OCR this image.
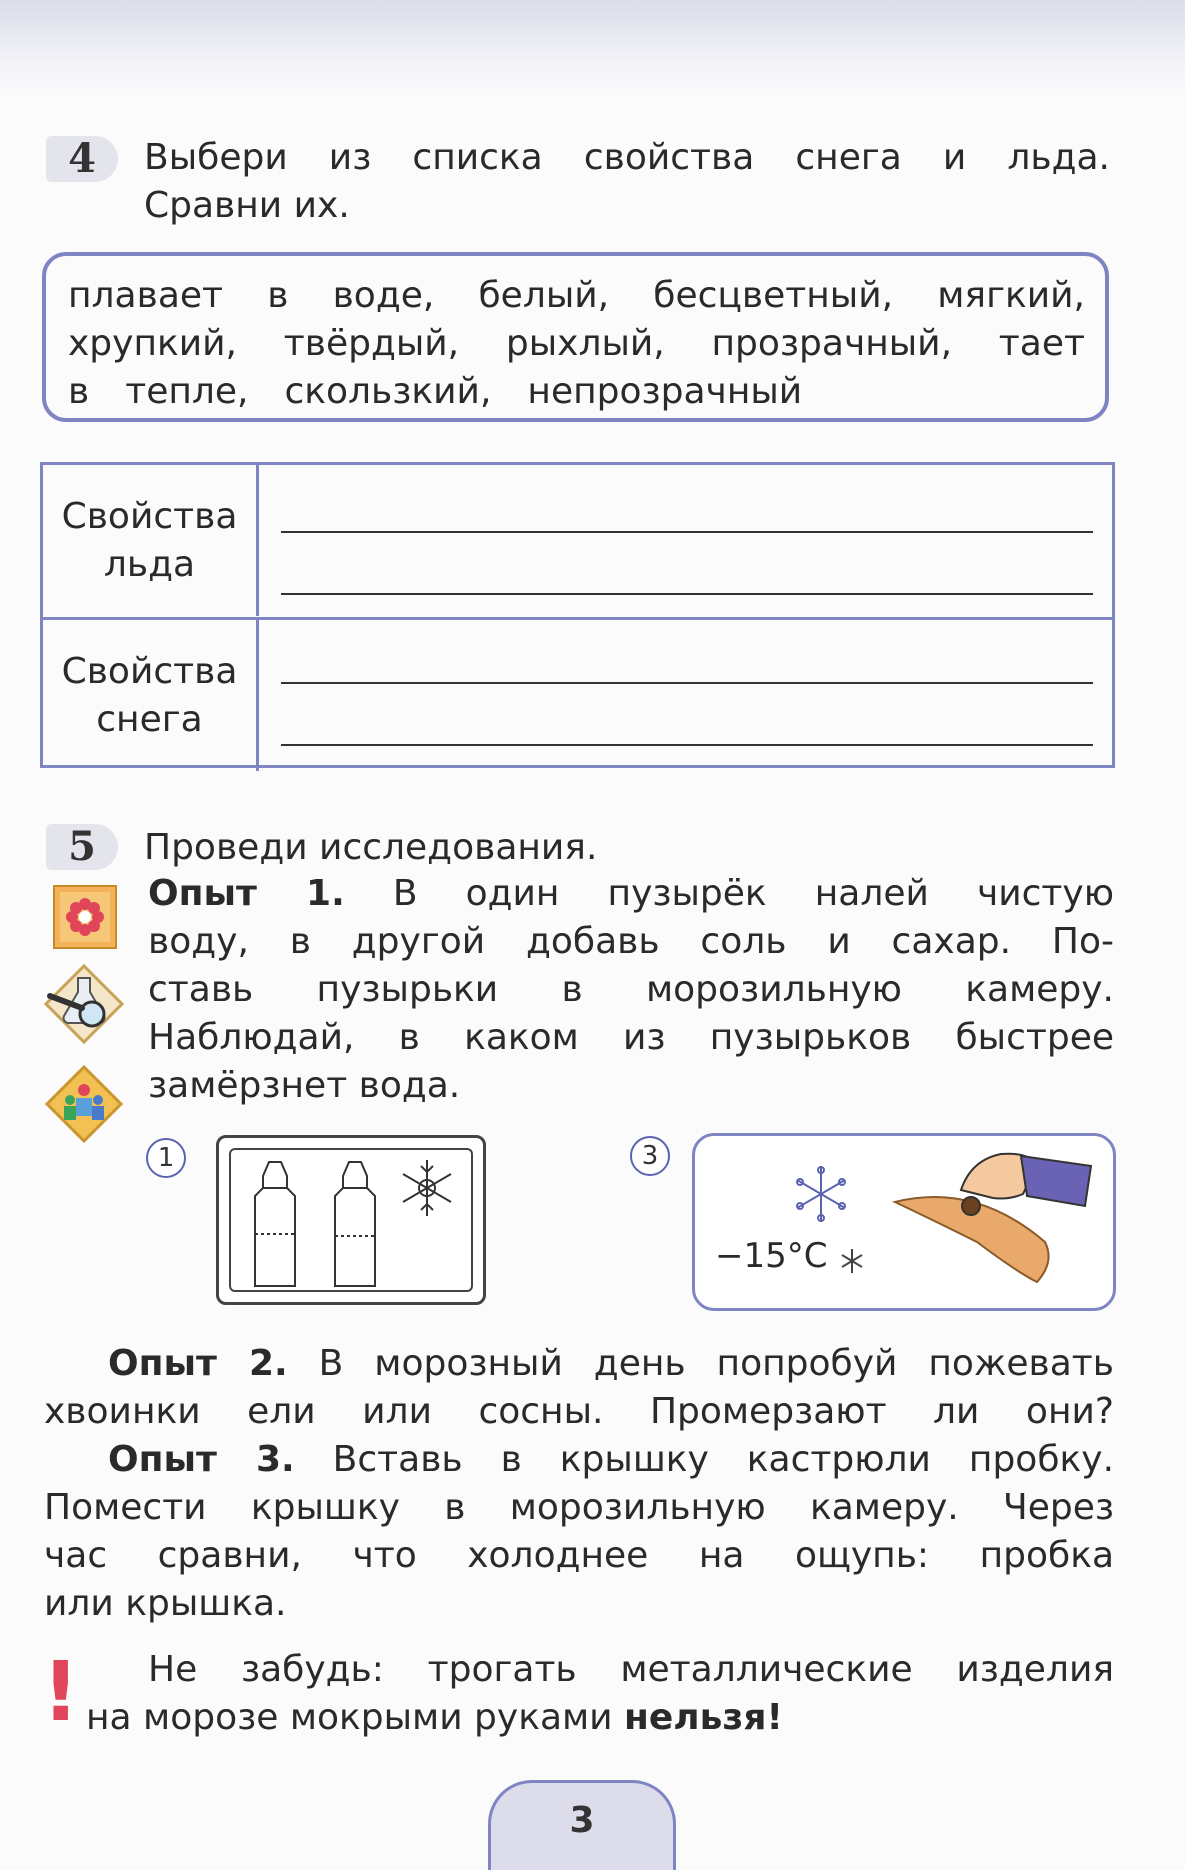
4	Выбери из списка свойства снега и льда.
Сравни их.
плавает в воде, белый, бесцветный, мягкий,
хрупкий, твёрдый, рыхлый, прозрачный, тает
в тепле, скользкий, непрозрачный
Свойства
льда
Свойства
снега
5	Проведи исследования.
Опыт 1. В один пузырёк налей чистую
воду, в другой добавь соль и сахар. По-
ставь пузырьки в морозильную камеру.
Наблюдай, в каком из пузырьков быстрее
замёрзнет вода.
1	3
−15°C
Опыт 2. В морозный день попробуй пожевать
хвоинки ели или сосны. Промерзают ли они?
Опыт 3. Вставь в крышку кастрюли пробку.
Помести крышку в морозильную камеру. Через
час сравни, что холоднее на ощупь: пробка
или крышка.
! Не забудь: трогать металлические изделия
на морозе мокрыми руками нельзя!
3
